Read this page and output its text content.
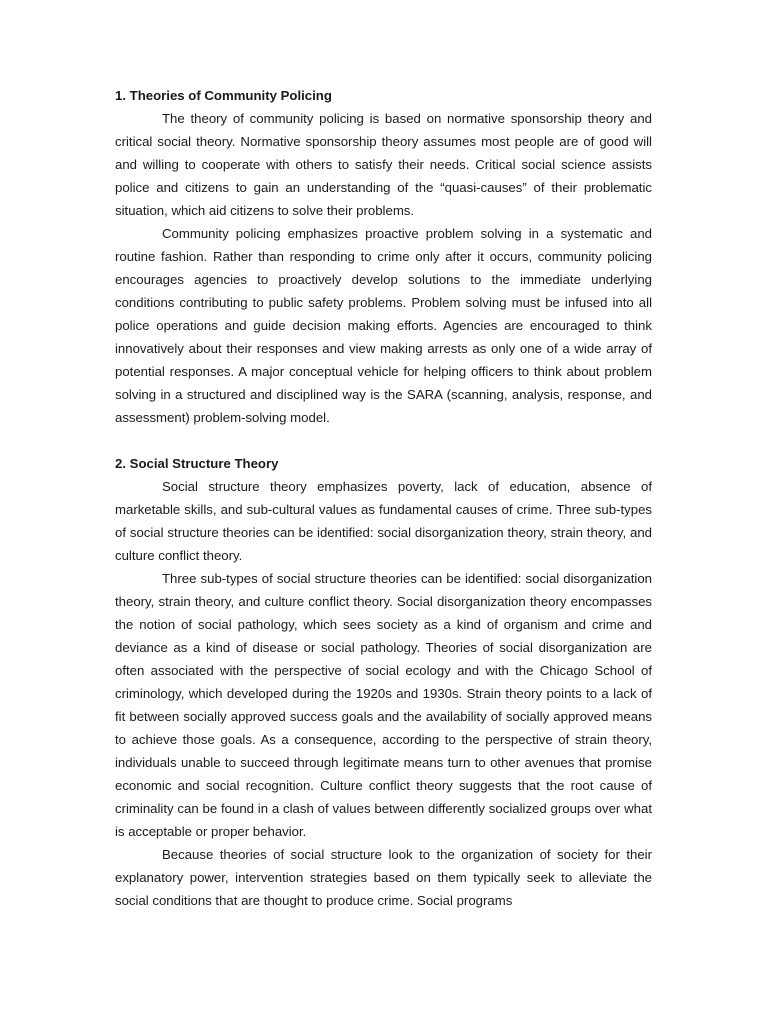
1. Theories of Community Policing

The theory of community policing is based on normative sponsorship theory and critical social theory. Normative sponsorship theory assumes most people are of good will and willing to cooperate with others to satisfy their needs. Critical social science assists police and citizens to gain an understanding of the “quasi-causes” of their problematic situation, which aid citizens to solve their problems.

Community policing emphasizes proactive problem solving in a systematic and routine fashion. Rather than responding to crime only after it occurs, community policing encourages agencies to proactively develop solutions to the immediate underlying conditions contributing to public safety problems. Problem solving must be infused into all police operations and guide decision making efforts. Agencies are encouraged to think innovatively about their responses and view making arrests as only one of a wide array of potential responses. A major conceptual vehicle for helping officers to think about problem solving in a structured and disciplined way is the SARA (scanning, analysis, response, and assessment) problem-solving model.

2. Social Structure Theory

Social structure theory emphasizes poverty, lack of education, absence of marketable skills, and sub-cultural values as fundamental causes of crime. Three sub-types of social structure theories can be identified: social disorganization theory, strain theory, and culture conflict theory.

Three sub-types of social structure theories can be identified: social disorganization theory, strain theory, and culture conflict theory. Social disorganization theory encompasses the notion of social pathology, which sees society as a kind of organism and crime and deviance as a kind of disease or social pathology. Theories of social disorganization are often associated with the perspective of social ecology and with the Chicago School of criminology, which developed during the 1920s and 1930s. Strain theory points to a lack of fit between socially approved success goals and the availability of socially approved means to achieve those goals. As a consequence, according to the perspective of strain theory, individuals unable to succeed through legitimate means turn to other avenues that promise economic and social recognition. Culture conflict theory suggests that the root cause of criminality can be found in a clash of values between differently socialized groups over what is acceptable or proper behavior.

Because theories of social structure look to the organization of society for their explanatory power, intervention strategies based on them typically seek to alleviate the social conditions that are thought to produce crime. Social programs
